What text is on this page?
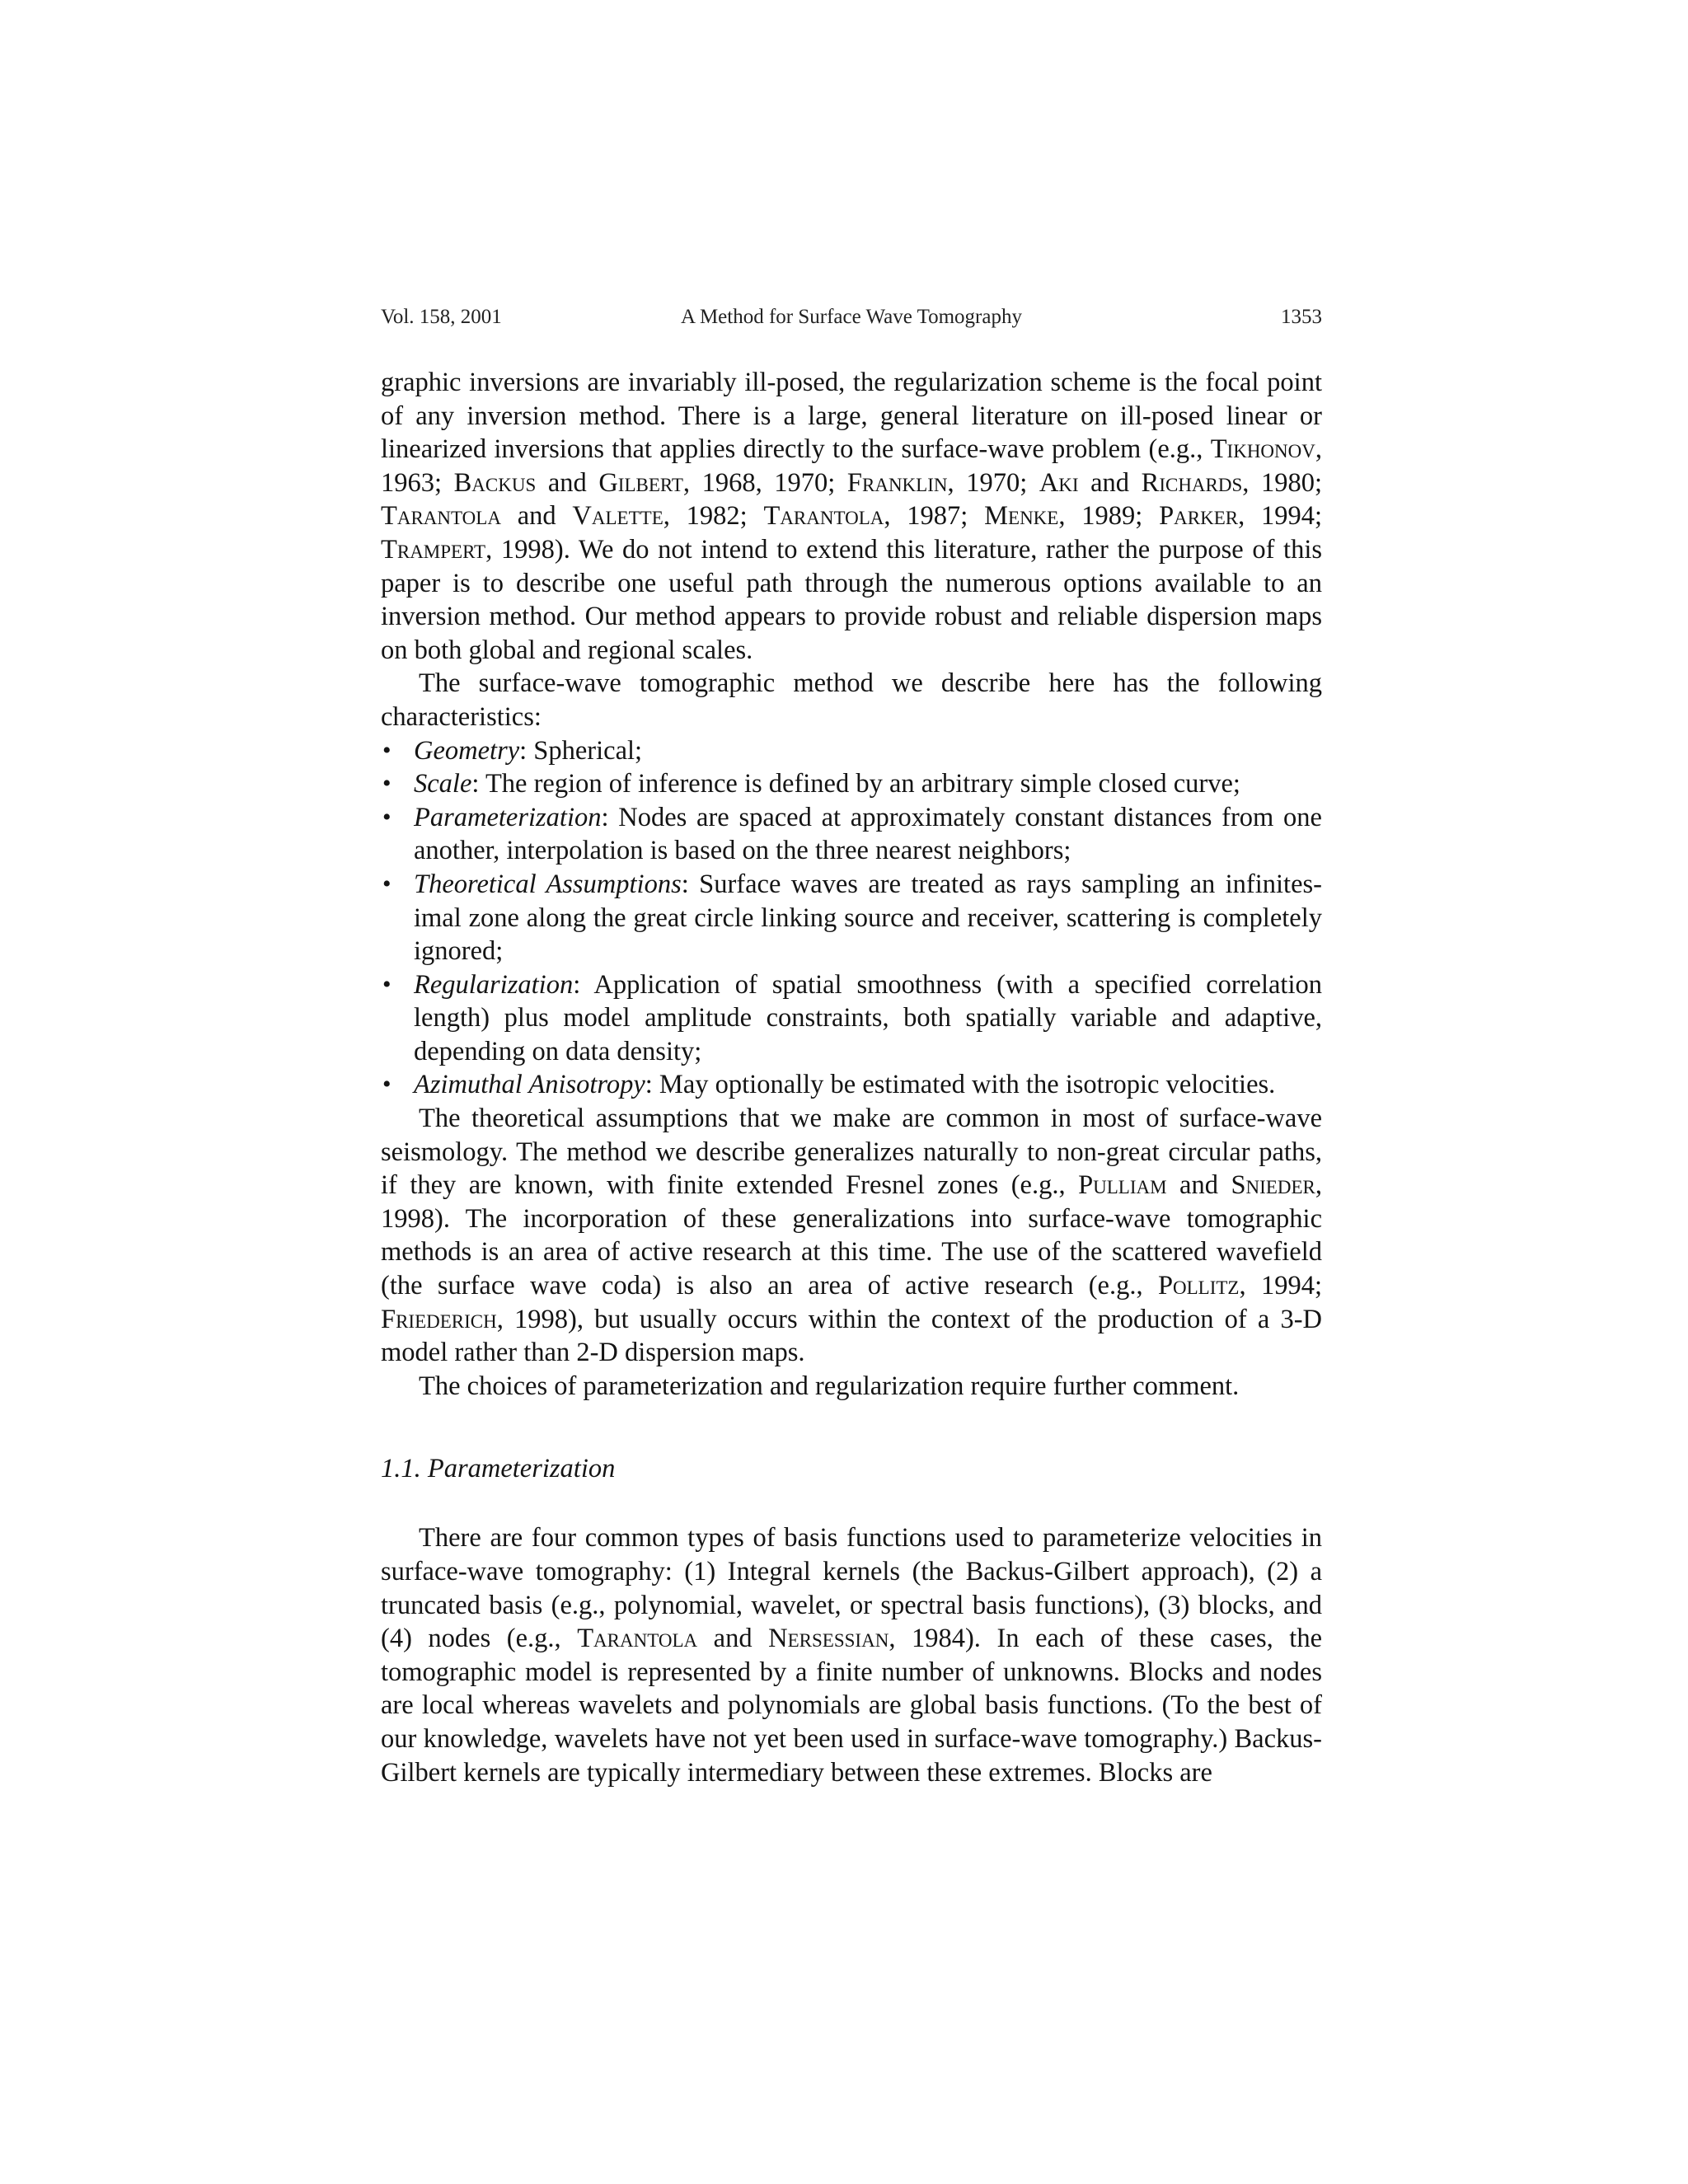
Vol. 158, 2001	A Method for Surface Wave Tomography	1353

graphic inversions are invariably ill-posed, the regularization scheme is the focal point of any inversion method. There is a large, general literature on ill-posed linear or linearized inversions that applies directly to the surface-wave problem (e.g., Tikhonov, 1963; Backus and Gilbert, 1968, 1970; Franklin, 1970; Aki and Richards, 1980; Tarantola and Valette, 1982; Tarantola, 1987; Menke, 1989; Parker, 1994; Trampert, 1998). We do not intend to extend this literature, rather the purpose of this paper is to describe one useful path through the numerous options available to an inversion method. Our method appears to provide robust and reliable dispersion maps on both global and regional scales.

The surface-wave tomographic method we describe here has the following characteristics:

• Geometry: Spherical;
• Scale: The region of inference is defined by an arbitrary simple closed curve;
• Parameterization: Nodes are spaced at approximately constant distances from one another, interpolation is based on the three nearest neighbors;
• Theoretical Assumptions: Surface waves are treated as rays sampling an infinitesimal zone along the great circle linking source and receiver, scattering is completely ignored;
• Regularization: Application of spatial smoothness (with a specified correlation length) plus model amplitude constraints, both spatially variable and adaptive, depending on data density;
• Azimuthal Anisotropy: May optionally be estimated with the isotropic velocities.

The theoretical assumptions that we make are common in most of surface-wave seismology. The method we describe generalizes naturally to non-great circular paths, if they are known, with finite extended Fresnel zones (e.g., Pulliam and Snieder, 1998). The incorporation of these generalizations into surface-wave tomographic methods is an area of active research at this time. The use of the scattered wavefield (the surface wave coda) is also an area of active research (e.g., Pollitz, 1994; Friederich, 1998), but usually occurs within the context of the production of a 3-D model rather than 2-D dispersion maps.

The choices of parameterization and regularization require further comment.

1.1. Parameterization

There are four common types of basis functions used to parameterize velocities in surface-wave tomography: (1) Integral kernels (the Backus-Gilbert approach), (2) a truncated basis (e.g., polynomial, wavelet, or spectral basis functions), (3) blocks, and (4) nodes (e.g., Tarantola and Nersessian, 1984). In each of these cases, the tomographic model is represented by a finite number of unknowns. Blocks and nodes are local whereas wavelets and polynomials are global basis functions. (To the best of our knowledge, wavelets have not yet been used in surface-wave tomography.) Backus-Gilbert kernels are typically intermediary between these extremes. Blocks are
